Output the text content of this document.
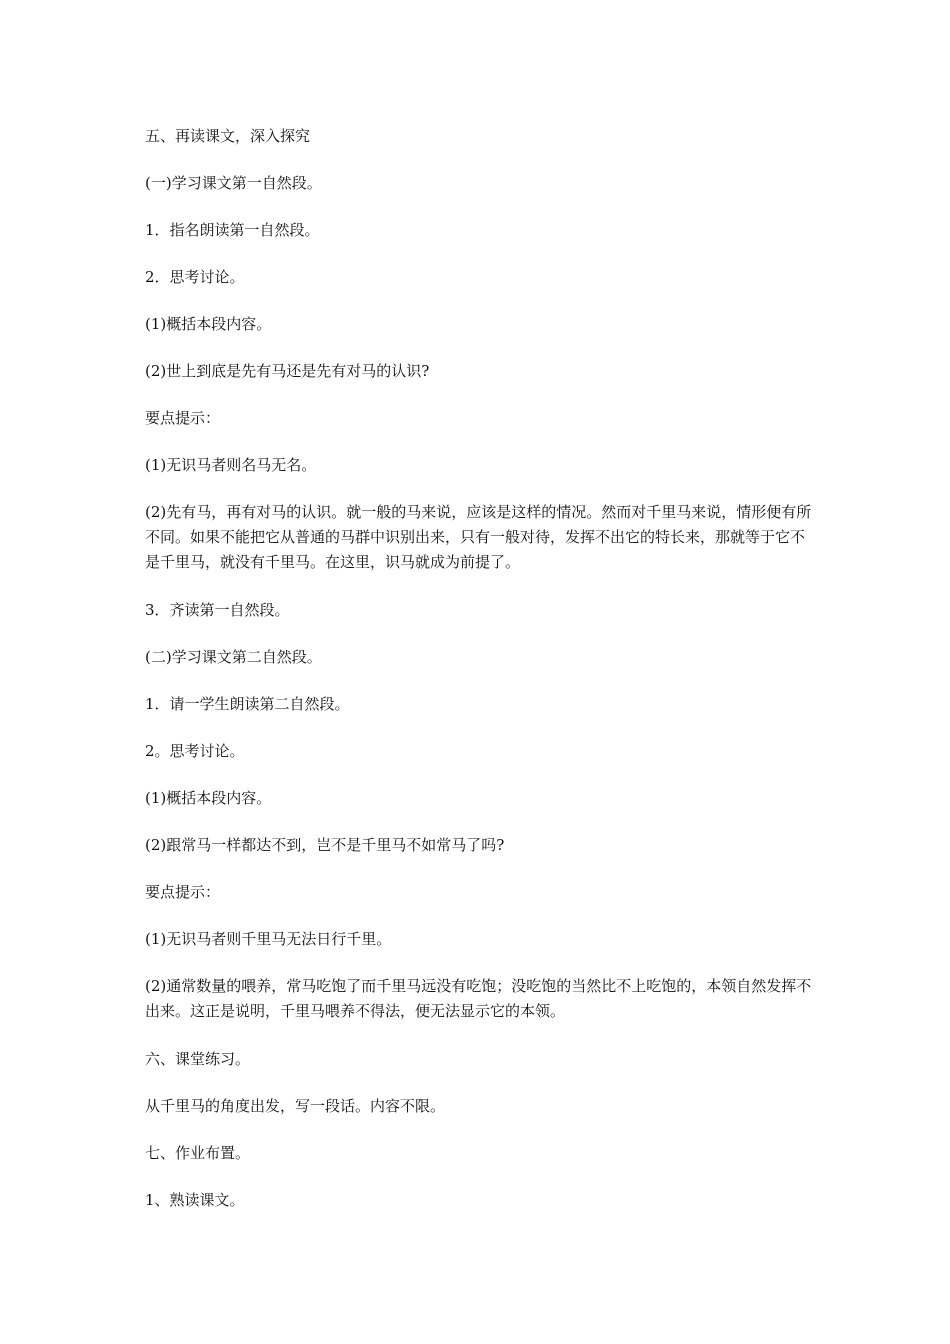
五、再读课文，深入探究

(一)学习课文第一自然段。

1．指名朗读第一自然段。

2．思考讨论。

(1)概括本段内容。

(2)世上到底是先有马还是先有对马的认识?

要点提示：

(1)无识马者则名马无名。

(2)先有马，再有对马的认识。就一般的马来说，应该是这样的情况。然而对千里马来说，情形便有所不同。如果不能把它从普通的马群中识别出来，只有一般对待，发挥不出它的特长来，那就等于它不是千里马，就没有千里马。在这里，识马就成为前提了。

3．齐读第一自然段。

(二)学习课文第二自然段。

1．请一学生朗读第二自然段。

2。思考讨论。

(1)概括本段内容。

(2)跟常马一样都达不到，岂不是千里马不如常马了吗?

要点提示：

(1)无识马者则千里马无法日行千里。

(2)通常数量的喂养，常马吃饱了而千里马远没有吃饱；没吃饱的当然比不上吃饱的，本领自然发挥不出来。这正是说明，千里马喂养不得法，便无法显示它的本领。

六、课堂练习。

从千里马的角度出发，写一段话。内容不限。

七、作业布置。

1、熟读课文。
